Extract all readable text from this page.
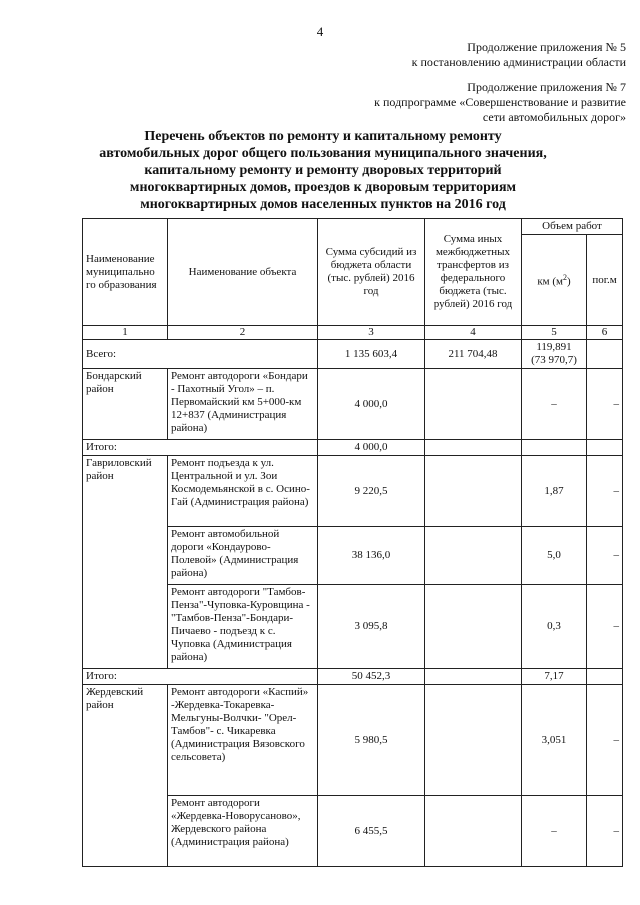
4
Продолжение приложения № 5
к постановлению администрации области
Продолжение приложения № 7
к подпрограмме «Совершенствование и развитие
сети автомобильных дорог»
Перечень объектов по ремонту и капитальному ремонту автомобильных дорог общего пользования муниципального значения, капитальному ремонту и ремонту дворовых территорий многоквартирных домов, проездов к дворовым территориям многоквартирных домов населенных пунктов на 2016 год
Наименование муниципально го образования	Наименование объекта	Сумма субсидий из бюджета области (тыс. рублей) 2016 год	Сумма иных межбюджетных трансфертов из федерального бюджета (тыс. рублей) 2016 год	Объем работ	
				км $(м^2)$	пог.м
1	2	3	4	5	6
Всего:		1 135 603,4	211 704,48	119,891
(73 970,7)	

Бондарский район	Ремонт автодороги «Бондари - Пахотный Угол» – п. Первомайский км 5+000-км 12+837 (Администрация района)	4 000,0		–	–
Итого:		4 000,0			
Гавриловский район	Ремонт подъезда к ул. Центральной и ул. Зои Космодемьянской в с. Осино-Гай (Администрация района)	9 220,5		1,87	–
	Ремонт автомобильной дороги «Кондаурово-Полевой» (Администрация района)	38 136,0		5,0	–
	Ремонт автодороги "Тамбов-Пенза"-Чуповка-Куровщина - "Тамбов-Пенза"-Бондари-Пичаево - подъезд к с. Чуповка (Администрация района)	3 095,8		0,3	–
Итого:		50 452,3		7,17	
Жердевский район	Ремонт автодороги «Каспий» -Жердевка-Токаревка-Мельгуны-Волчки- "Орел-Тамбов"- с. Чикаревка (Администрация Вязовского сельсовета)	5 980,5		3,051	–
	Ремонт автодороги «Жердевка-Новорусаново», Жердевского района (Администрация района)	6 455,5		–	–
